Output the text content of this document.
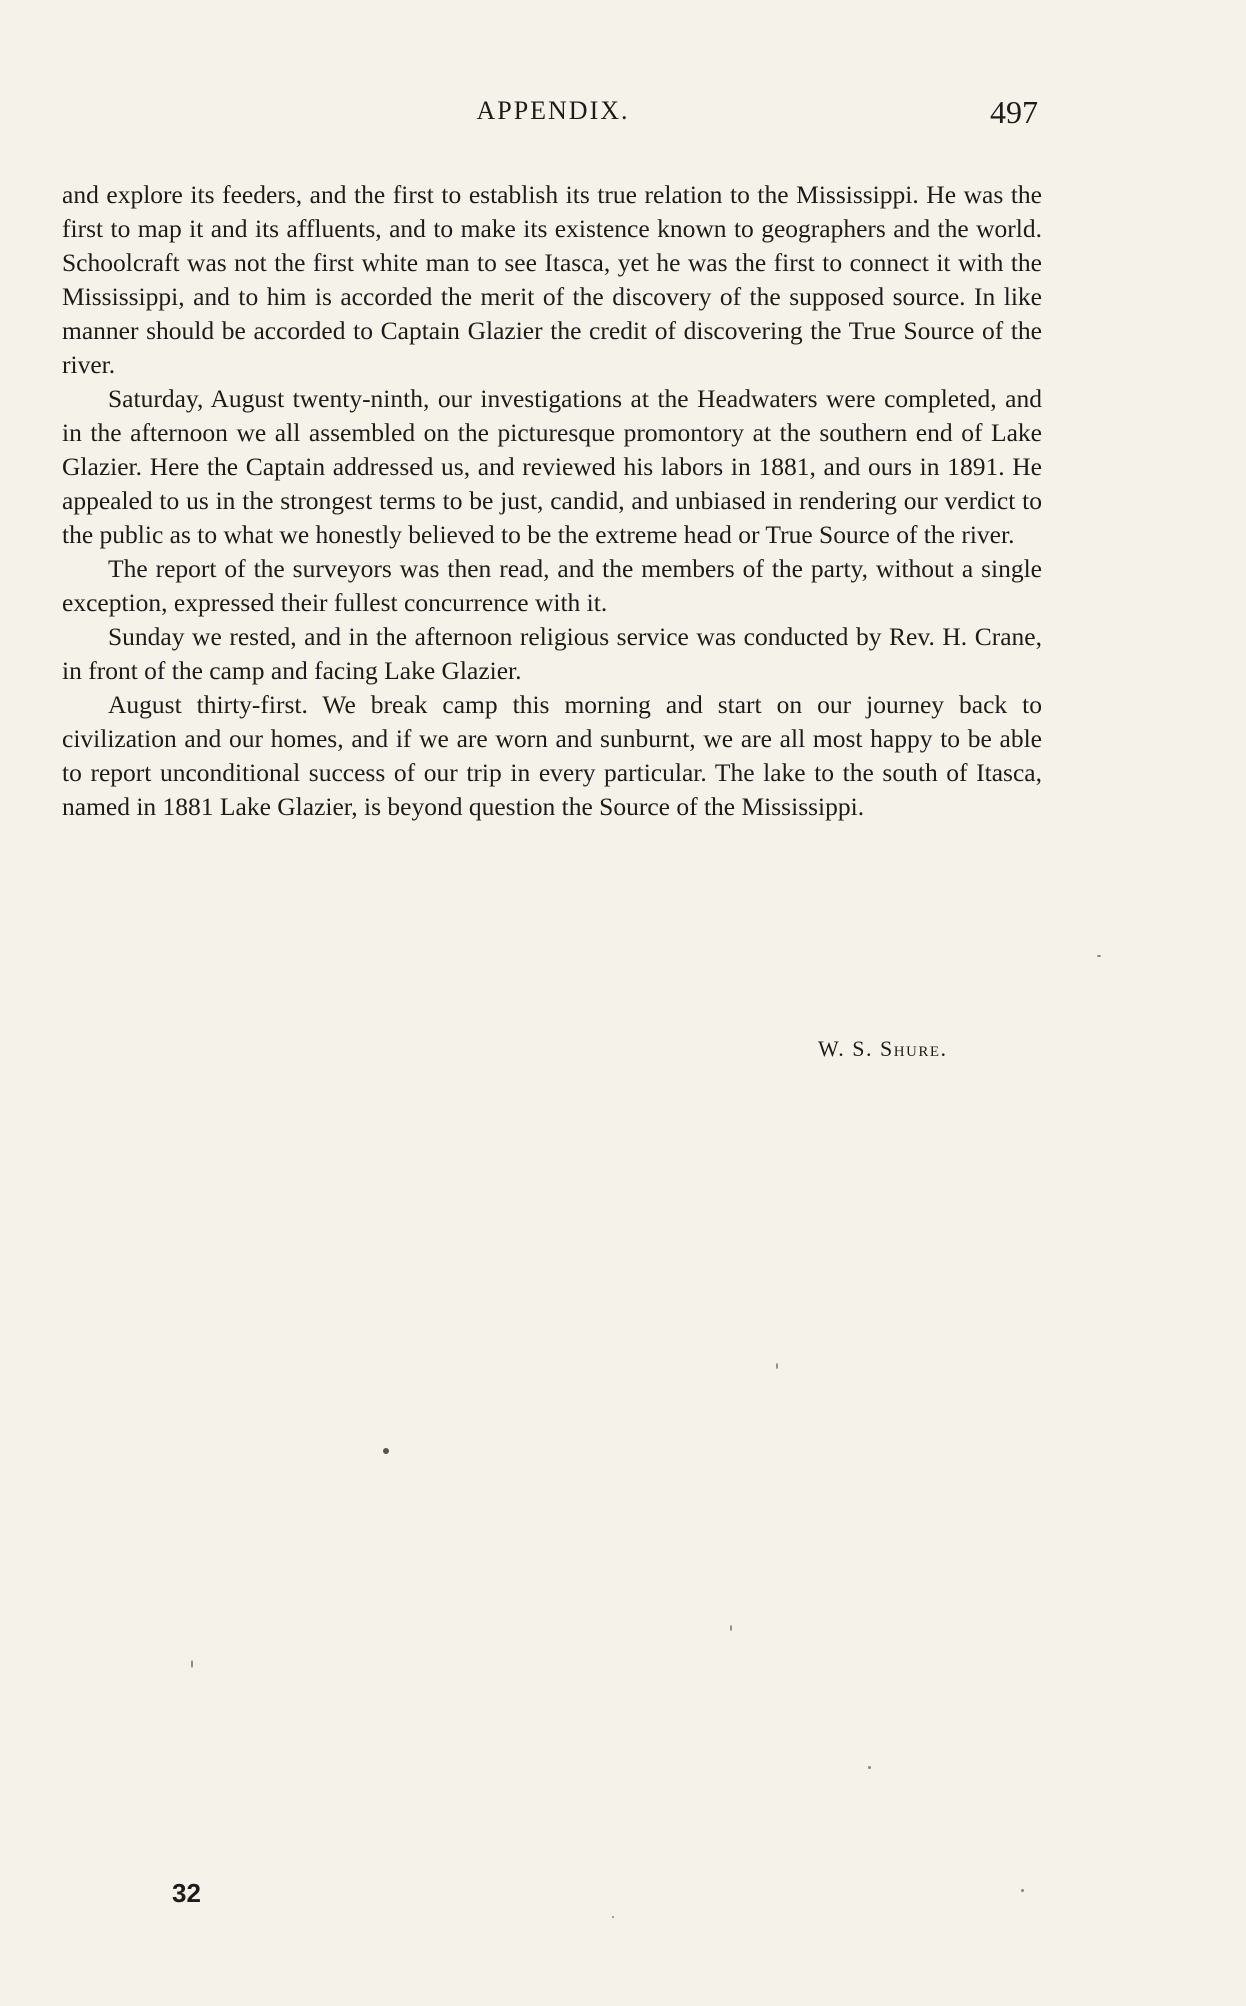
APPENDIX.	497

and explore its feeders, and the first to establish its true relation to the Mississippi. He was the first to map it and its affluents, and to make its existence known to geographers and the world. Schoolcraft was not the first white man to see Itasca, yet he was the first to connect it with the Mississippi, and to him is accorded the merit of the discovery of the supposed source. In like manner should be accorded to Captain Glazier the credit of discovering the True Source of the river.

Saturday, August twenty-ninth, our investigations at the Headwaters were completed, and in the afternoon we all assembled on the picturesque promontory at the southern end of Lake Glazier. Here the Captain addressed us, and reviewed his labors in 1881, and ours in 1891. He appealed to us in the strongest terms to be just, candid, and unbiased in rendering our verdict to the public as to what we honestly believed to be the extreme head or True Source of the river.

The report of the surveyors was then read, and the members of the party, without a single exception, expressed their fullest concurrence with it.

Sunday we rested, and in the afternoon religious service was conducted by Rev. H. Crane, in front of the camp and facing Lake Glazier.

August thirty-first. We break camp this morning and start on our journey back to civilization and our homes, and if we are worn and sunburnt, we are all most happy to be able to report unconditional success of our trip in every particular. The lake to the south of Itasca, named in 1881 Lake Glazier, is beyond question the Source of the Mississippi.

W. S. Shure.
32
